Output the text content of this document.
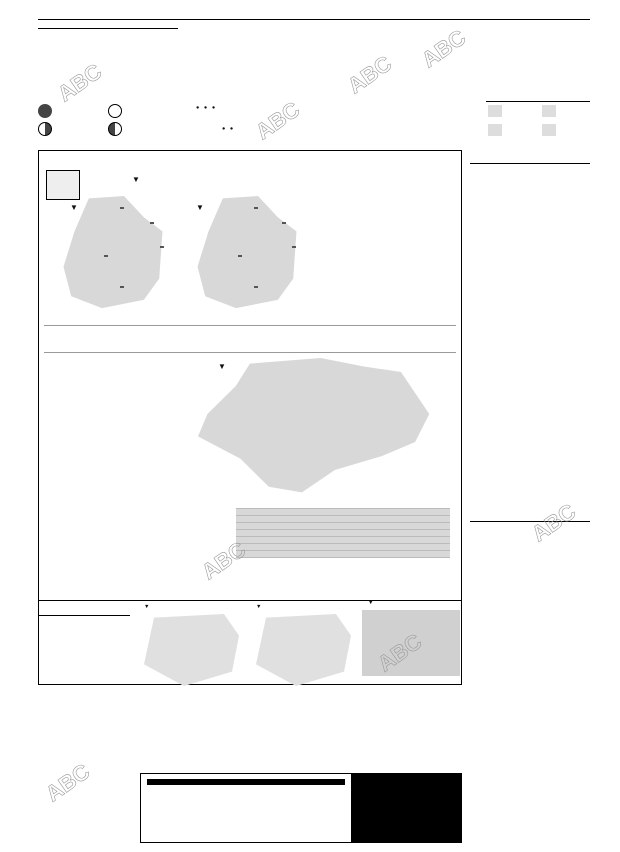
●   ●   ●
●   ●

▼
▼	▼
▼
▼	▼
▼
ABC
ABC
ABC
ABC
ABC
ABC
ABC
ABC
